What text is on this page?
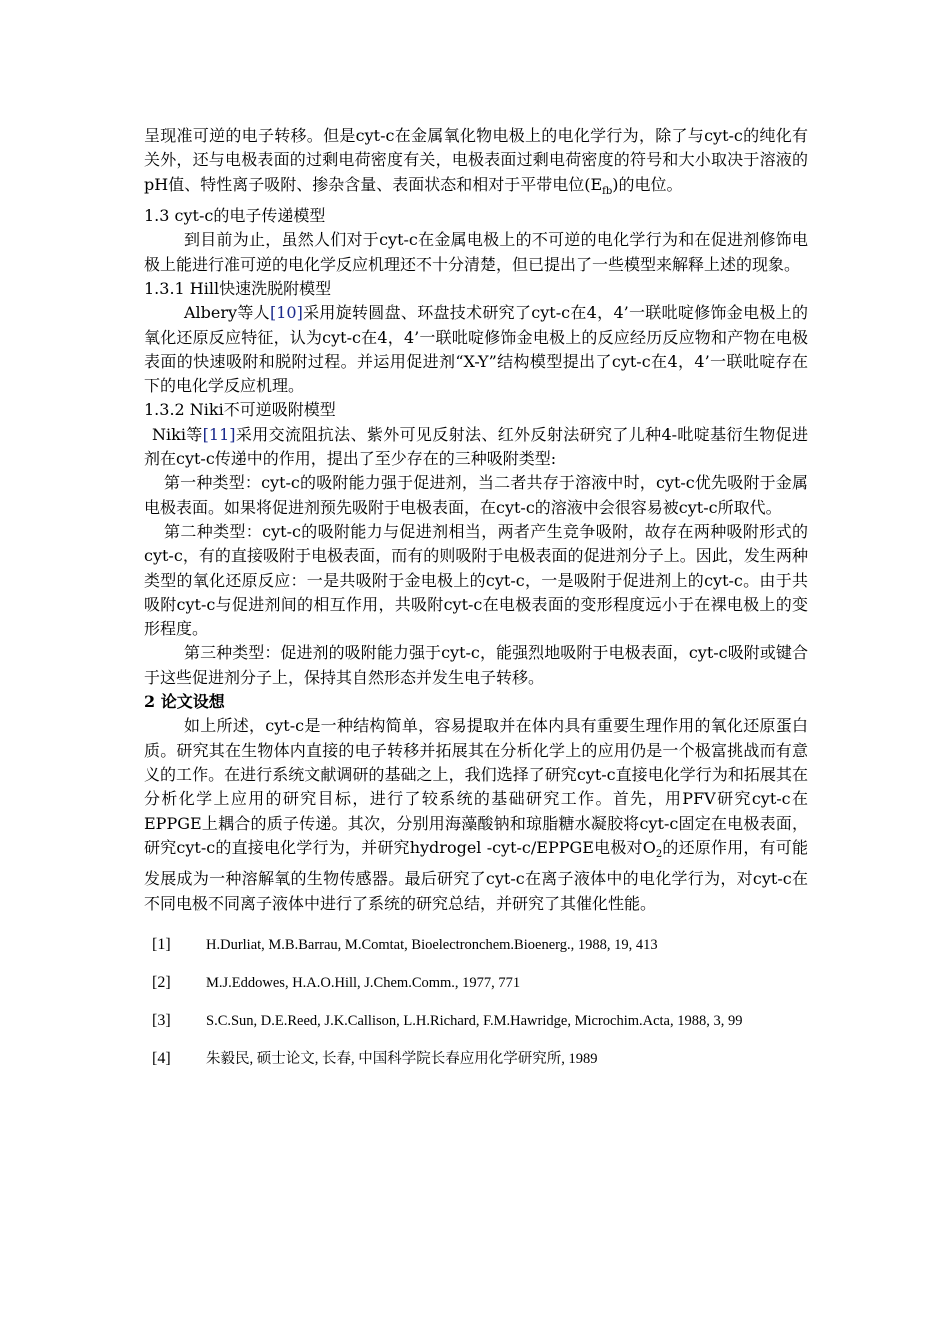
呈现准可逆的电子转移。但是cyt-c在金属氧化物电极上的电化学行为，除了与cyt-c的纯化有关外，还与电极表面的过剩电荷密度有关，电极表面过剩电荷密度的符号和大小取决于溶液的pH值、特性离子吸附、掺杂含量、表面状态和相对于平带电位$(E_{fb})$的电位。

1.3 cyt-c的电子传递模型

到目前为止，虽然人们对于cyt-c在金属电极上的不可逆的电化学行为和在促进剂修饰电极上能进行准可逆的电化学反应机理还不十分清楚，但已提出了一些模型来解释上述的现象。

1.3.1 Hill快速洗脱附模型

Albery等人[10]采用旋转圆盘、环盘技术研究了cyt-c在4，4’一联吡啶修饰金电极上的氧化还原反应特征，认为cyt-c在4，4’一联吡啶修饰金电极上的反应经历反应物和产物在电极表面的快速吸附和脱附过程。并运用促进剂“X-Y”结构模型提出了cyt-c在4，4’一联吡啶存在下的电化学反应机理。

1.3.2 Niki不可逆吸附模型

Niki等[11]采用交流阻抗法、紫外可见反射法、红外反射法研究了儿种4-吡啶基衍生物促进剂在cyt-c传递中的作用，提出了至少存在的三种吸附类型:

第一种类型：cyt-c的吸附能力强于促进剂，当二者共存于溶液中时，cyt-c优先吸附于金属电极表面。如果将促进剂预先吸附于电极表面，在cyt-c的溶液中会很容易被cyt-c所取代。

第二种类型：cyt-c的吸附能力与促进剂相当，两者产生竞争吸附，故存在两种吸附形式的cyt-c，有的直接吸附于电极表面，而有的则吸附于电极表面的促进剂分子上。因此，发生两种类型的氧化还原反应：一是共吸附于金电极上的cyt-c，一是吸附于促进剂上的cyt-c。由于共吸附cyt-c与促进剂间的相互作用，共吸附cyt-c在电极表面的变形程度远小于在裸电极上的变形程度。

第三种类型：促进剂的吸附能力强于cyt-c，能强烈地吸附于电极表面，cyt-c吸附或键合于这些促进剂分子上，保持其自然形态并发生电子转移。

2 论文设想

如上所述，cyt-c是一种结构简单，容易提取并在体内具有重要生理作用的氧化还原蛋白质。研究其在生物体内直接的电子转移并拓展其在分析化学上的应用仍是一个极富挑战而有意义的工作。在进行系统文献调研的基础之上，我们选择了研究cyt-c直接电化学行为和拓展其在分析化学上应用的研究目标，进行了较系统的基础研究工作。首先，用PFV研究cyt-c在EPPGE上耦合的质子传递。其次，分别用海藻酸钠和琼脂糖水凝胶将cyt-c固定在电极表面，研究cyt-c的直接电化学行为，并研究hydrogel -cyt-c/EPPGE电极对$O_2$的还原作用，有可能发展成为一种溶解氧的生物传感器。最后研究了cyt-c在离子液体中的电化学行为，对cyt-c在不同电极不同离子液体中进行了系统的研究总结，并研究了其催化性能。

[1]	H.Durliat, M.B.Barrau, M.Comtat, Bioelectronchem.Bioenerg., 1988, 19, 413
[2]	M.J.Eddowes, H.A.O.Hill, J.Chem.Comm., 1977, 771
[3]	S.C.Sun, D.E.Reed, J.K.Callison, L.H.Richard, F.M.Hawridge, Microchim.Acta, 1988, 3, 99
[4]	朱毅民, 硕士论文, 长春, 中国科学院长春应用化学研究所, 1989
